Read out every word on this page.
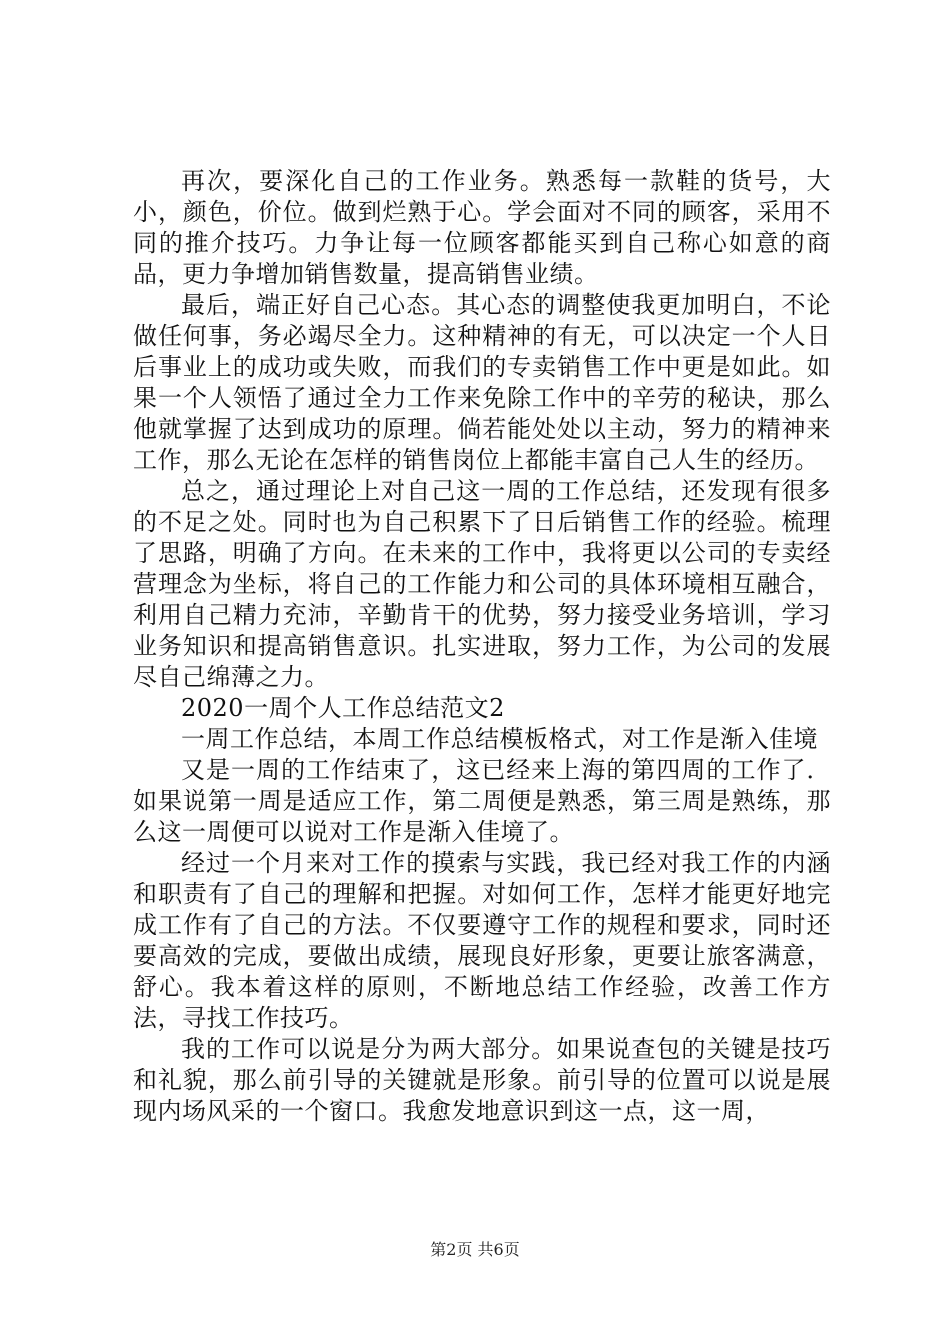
再次，要深化自己的工作业务。熟悉每一款鞋的货号，大小，颜色，价位。做到烂熟于心。学会面对不同的顾客，采用不同的推介技巧。力争让每一位顾客都能买到自己称心如意的商品，更力争增加销售数量，提高销售业绩。

最后，端正好自己心态。其心态的调整使我更加明白，不论做任何事，务必竭尽全力。这种精神的有无，可以决定一个人日后事业上的成功或失败，而我们的专卖销售工作中更是如此。如果一个人领悟了通过全力工作来免除工作中的辛劳的秘诀，那么他就掌握了达到成功的原理。倘若能处处以主动，努力的精神来工作，那么无论在怎样的销售岗位上都能丰富自己人生的经历。

总之，通过理论上对自己这一周的工作总结，还发现有很多的不足之处。同时也为自己积累下了日后销售工作的经验。梳理了思路，明确了方向。在未来的工作中，我将更以公司的专卖经营理念为坐标，将自己的工作能力和公司的具体环境相互融合，利用自己精力充沛，辛勤肯干的优势，努力接受业务培训，学习业务知识和提高销售意识。扎实进取，努力工作，为公司的发展尽自己绵薄之力。

2020一周个人工作总结范文2

一周工作总结，本周工作总结模板格式，对工作是渐入佳境

又是一周的工作结束了，这已经来上海的第四周的工作了．如果说第一周是适应工作，第二周便是熟悉，第三周是熟练，那么这一周便可以说对工作是渐入佳境了。

经过一个月来对工作的摸索与实践，我已经对我工作的内涵和职责有了自己的理解和把握。对如何工作，怎样才能更好地完成工作有了自己的方法。不仅要遵守工作的规程和要求，同时还要高效的完成，要做出成绩，展现良好形象，更要让旅客满意，舒心。我本着这样的原则，不断地总结工作经验，改善工作方法，寻找工作技巧。

我的工作可以说是分为两大部分。如果说查包的关键是技巧和礼貌，那么前引导的关键就是形象。前引导的位置可以说是展现内场风采的一个窗口。我愈发地意识到这一点，这一周，

第2页 共6页
